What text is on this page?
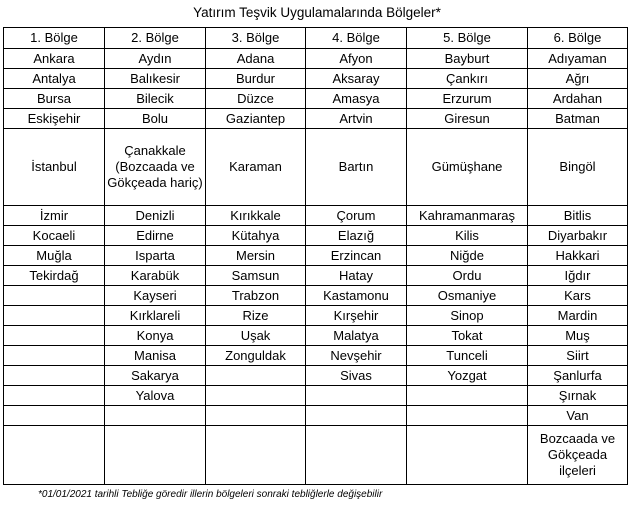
Yatırım Teşvik Uygulamalarında Bölgeler*
1. Bölge	2. Bölge	3. Bölge	4. Bölge	5. Bölge	6. Bölge
Ankara	Aydın	Adana	Afyon	Bayburt	Adıyaman
Antalya	Balıkesir	Burdur	Aksaray	Çankırı	Ağrı
Bursa	Bilecik	Düzce	Amasya	Erzurum	Ardahan
Eskişehir	Bolu	Gaziantep	Artvin	Giresun	Batman
İstanbul	Çanakkale (Bozcaada ve Gökçeada hariç)	Karaman	Bartın	Gümüşhane	Bingöl
İzmir	Denizli	Kırıkkale	Çorum	Kahramanmaraş	Bitlis
Kocaeli	Edirne	Kütahya	Elazığ	Kilis	Diyarbakır
Muğla	Isparta	Mersin	Erzincan	Niğde	Hakkari
Tekirdağ	Karabük	Samsun	Hatay	Ordu	Iğdır
	Kayseri	Trabzon	Kastamonu	Osmaniye	Kars
	Kırklareli	Rize	Kırşehir	Sinop	Mardin
	Konya	Uşak	Malatya	Tokat	Muş
	Manisa	Zonguldak	Nevşehir	Tunceli	Siirt
	Sakarya		Sivas	Yozgat	Şanlurfa
	Yalova				Şırnak
					Van
					Bozcaada ve Gökçeada ilçeleri
*01/01/2021 tarihli Tebliğe göredir illerin bölgeleri sonraki tebliğlerle değişebilir
